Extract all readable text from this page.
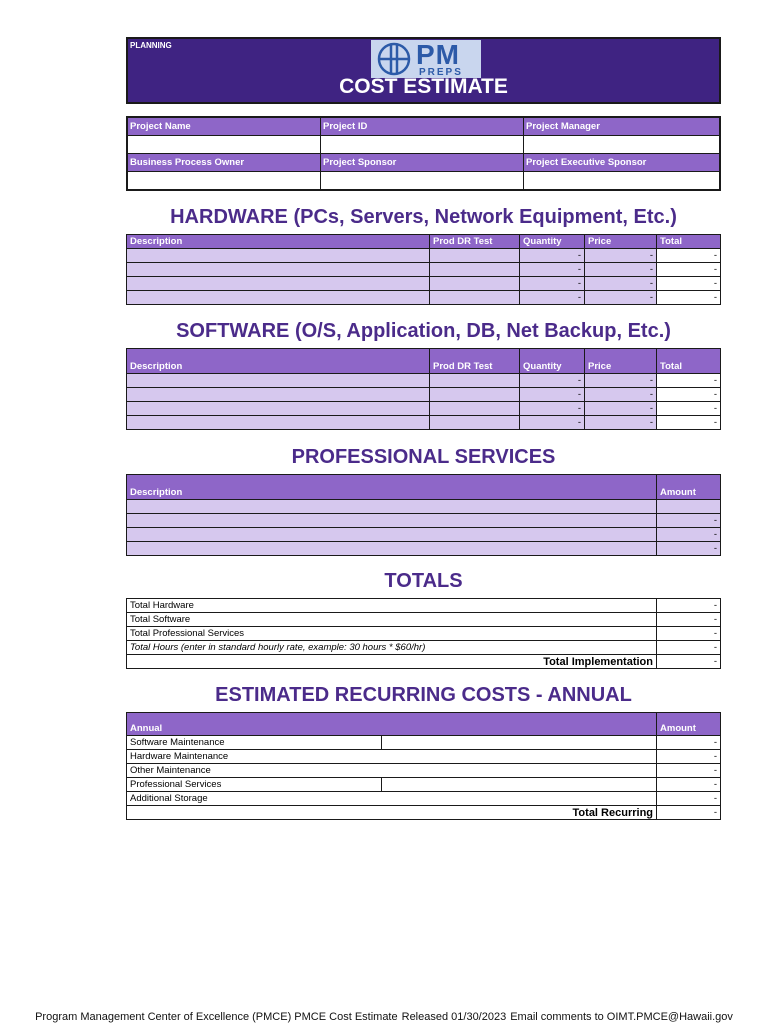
PLANNING	PM
PREPS
COST ESTIMATE
Project Name	Project ID	Project Manager

Business Process Owner	Project Sponsor	Project Executive Sponsor

HARDWARE (PCs, Servers, Network Equipment, Etc.)
Description	Prod DR Test	Quantity	Price	Total
		-	-	-
		-	-	-
		-	-	-
		-	-	-
SOFTWARE (O/S, Application, DB, Net Backup, Etc.)
Description	Prod DR Test	Quantity	Price	Total
		-	-	-
		-	-	-
		-	-	-
		-	-	-
PROFESSIONAL SERVICES
Description	Amount

	-
	-
	-
TOTALS
Total Hardware	-
Total Software	-
Total Professional Services	-
Total Hours (enter in standard hourly rate, example: 30 hours * $60/hr)	-
Total Implementation	-
ESTIMATED RECURRING COSTS - ANNUAL
Annual		Amount
Software Maintenance		-
Hardware Maintenance		-
Other Maintenance		-
Professional Services		-
Additional Storage		-
Total Recurring		-
Program Management Center of Excellence (PMCE) PMCE Cost Estimate Released 01/30/2023 Email comments to OIMT.PMCE@Hawaii.gov
